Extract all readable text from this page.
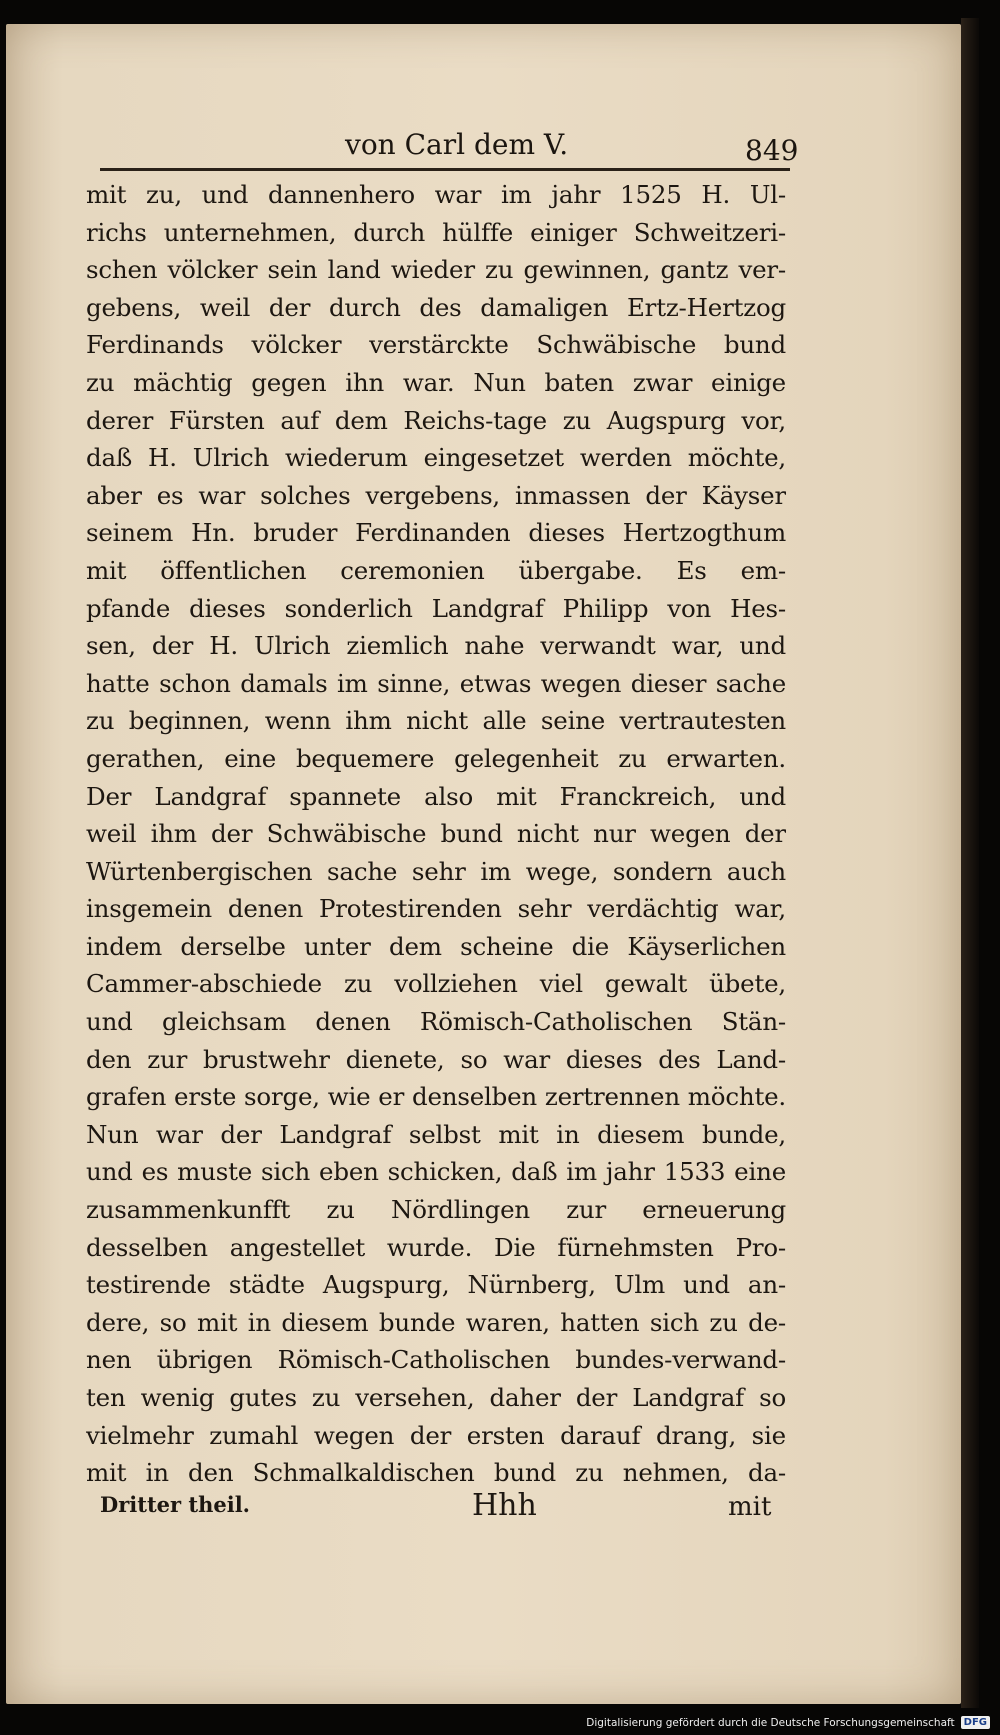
von Carl dem V.	849
mit zu, und dannenhero war im jahr 1525 H. Ul-
richs unternehmen, durch hülffe einiger Schweitzeri-
schen völcker sein land wieder zu gewinnen, gantz ver-
gebens, weil der durch des damaligen Ertz-Hertzog
Ferdinands völcker verstärckte Schwäbische bund
zu mächtig gegen ihn war. Nun baten zwar einige
derer Fürsten auf dem Reichs-tage zu Augspurg vor,
daß H. Ulrich wiederum eingesetzet werden möchte,
aber es war solches vergebens, inmassen der Käyser
seinem Hn. bruder Ferdinanden dieses Hertzogthum
mit öffentlichen ceremonien übergabe. Es em-
pfande dieses sonderlich Landgraf Philipp von Hes-
sen, der H. Ulrich ziemlich nahe verwandt war, und
hatte schon damals im sinne, etwas wegen dieser sache
zu beginnen, wenn ihm nicht alle seine vertrautesten
gerathen, eine bequemere gelegenheit zu erwarten.
Der Landgraf spannete also mit Franckreich, und
weil ihm der Schwäbische bund nicht nur wegen der
Würtenbergischen sache sehr im wege, sondern auch
insgemein denen Protestirenden sehr verdächtig war,
indem derselbe unter dem scheine die Käyserlichen
Cammer-abschiede zu vollziehen viel gewalt übete,
und gleichsam denen Römisch-Catholischen Stän-
den zur brustwehr dienete, so war dieses des Land-
grafen erste sorge, wie er denselben zertrennen möchte.
Nun war der Landgraf selbst mit in diesem bunde,
und es muste sich eben schicken, daß im jahr 1533 eine
zusammenkunfft zu Nördlingen zur erneuerung
desselben angestellet wurde. Die fürnehmsten Pro-
testirende städte Augspurg, Nürnberg, Ulm und an-
dere, so mit in diesem bunde waren, hatten sich zu de-
nen übrigen Römisch-Catholischen bundes-verwand-
ten wenig gutes zu versehen, daher der Landgraf so
vielmehr zumahl wegen der ersten darauf drang, sie
mit in den Schmalkaldischen bund zu nehmen, da-
Dritter theil.	Hhh	mit
Digitalisierung gefördert durch die Deutsche Forschungsgemeinschaft DFG
